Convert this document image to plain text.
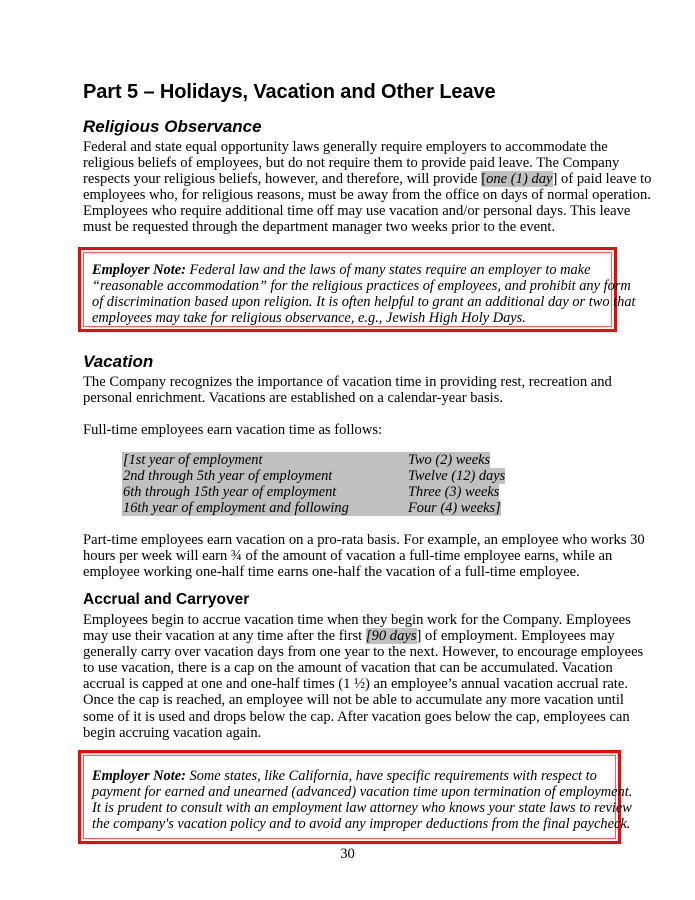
Part 5 – Holidays, Vacation and Other Leave
Religious Observance
Federal and state equal opportunity laws generally require employers to accommodate the
religious beliefs of employees, but do not require them to provide paid leave. The Company
respects your religious beliefs, however, and therefore, will provide [one (1) day] of paid leave to
employees who, for religious reasons, must be away from the office on days of normal operation.
Employees who require additional time off may use vacation and/or personal days. This leave
must be requested through the department manager two weeks prior to the event.
Employer Note: Federal law and the laws of many states require an employer to make
“reasonable accommodation” for the religious practices of employees, and prohibit any form
of discrimination based upon religion. It is often helpful to grant an additional day or two that
employees may take for religious observance, e.g., Jewish High Holy Days.
Vacation
The Company recognizes the importance of vacation time in providing rest, recreation and
personal enrichment. Vacations are established on a calendar-year basis.
Full-time employees earn vacation time as follows:
[1st year of employment	Two (2) weeks
2nd through 5th year of employment	Twelve (12) days
6th through 15th year of employment	Three (3) weeks
16th year of employment and following	Four (4) weeks]
Part-time employees earn vacation on a pro-rata basis. For example, an employee who works 30
hours per week will earn ¾ of the amount of vacation a full-time employee earns, while an
employee working one-half time earns one-half the vacation of a full-time employee.
Accrual and Carryover
Employees begin to accrue vacation time when they begin work for the Company. Employees
may use their vacation at any time after the first [90 days] of employment. Employees may
generally carry over vacation days from one year to the next. However, to encourage employees
to use vacation, there is a cap on the amount of vacation that can be accumulated. Vacation
accrual is capped at one and one-half times (1 ½) an employee’s annual vacation accrual rate.
Once the cap is reached, an employee will not be able to accumulate any more vacation until
some of it is used and drops below the cap. After vacation goes below the cap, employees can
begin accruing vacation again.
Employer Note: Some states, like California, have specific requirements with respect to
payment for earned and unearned (advanced) vacation time upon termination of employment.
It is prudent to consult with an employment law attorney who knows your state laws to review
the company's vacation policy and to avoid any improper deductions from the final paycheck.
30
